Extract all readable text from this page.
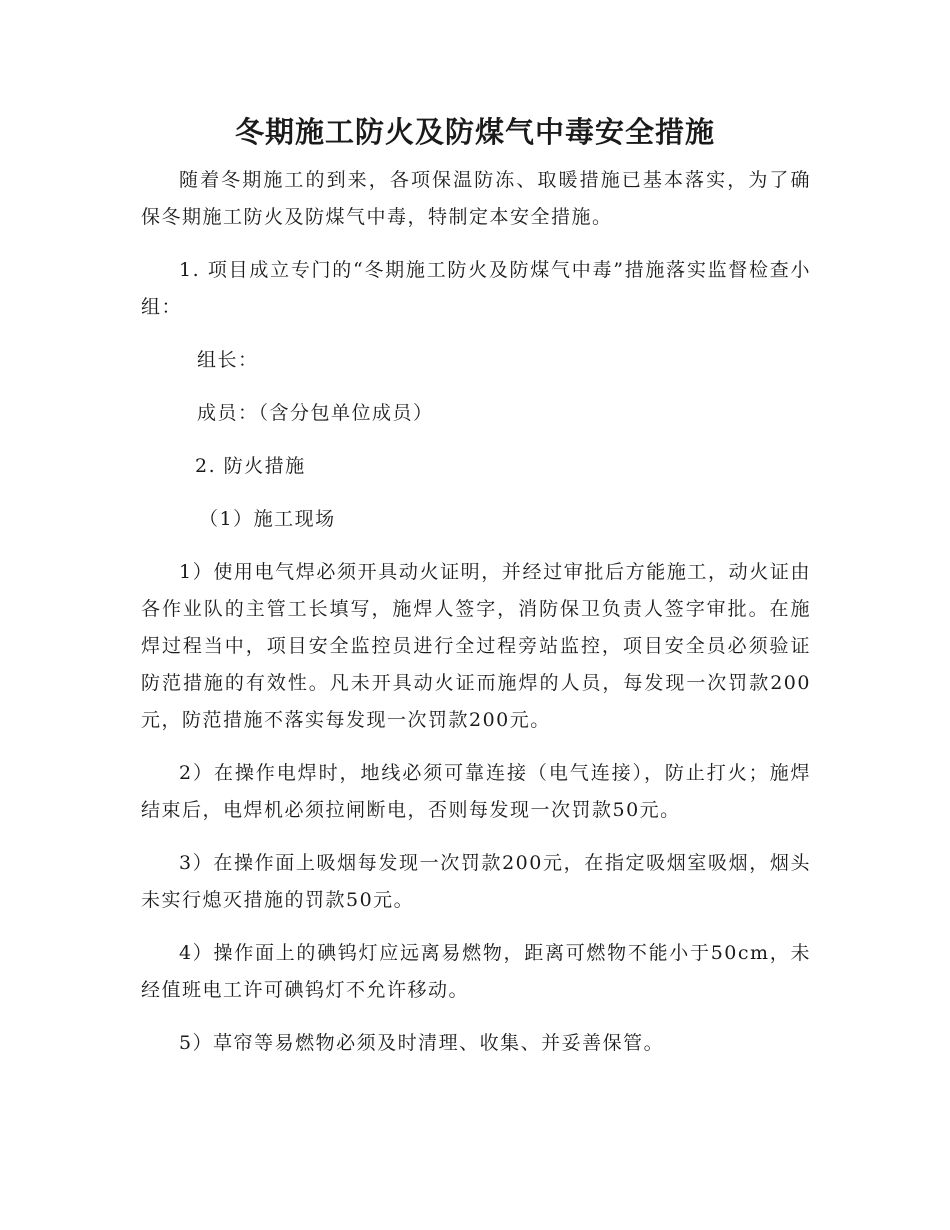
冬期施工防火及防煤气中毒安全措施

随着冬期施工的到来，各项保温防冻、取暖措施已基本落实，为了确保冬期施工防火及防煤气中毒，特制定本安全措施。

1. 项目成立专门的“冬期施工防火及防煤气中毒”措施落实监督检查小组：

组长：

成员：（含分包单位成员）

2. 防火措施

（1）施工现场

1）使用电气焊必须开具动火证明，并经过审批后方能施工，动火证由各作业队的主管工长填写，施焊人签字，消防保卫负责人签字审批。在施焊过程当中，项目安全监控员进行全过程旁站监控，项目安全员必须验证防范措施的有效性。凡未开具动火证而施焊的人员，每发现一次罚款200元，防范措施不落实每发现一次罚款200元。

2）在操作电焊时，地线必须可靠连接（电气连接），防止打火；施焊结束后，电焊机必须拉闸断电，否则每发现一次罚款50元。

3）在操作面上吸烟每发现一次罚款200元，在指定吸烟室吸烟，烟头未实行熄灭措施的罚款50元。

4）操作面上的碘钨灯应远离易燃物，距离可燃物不能小于50cm，未经值班电工许可碘钨灯不允许移动。

5）草帘等易燃物必须及时清理、收集、并妥善保管。
